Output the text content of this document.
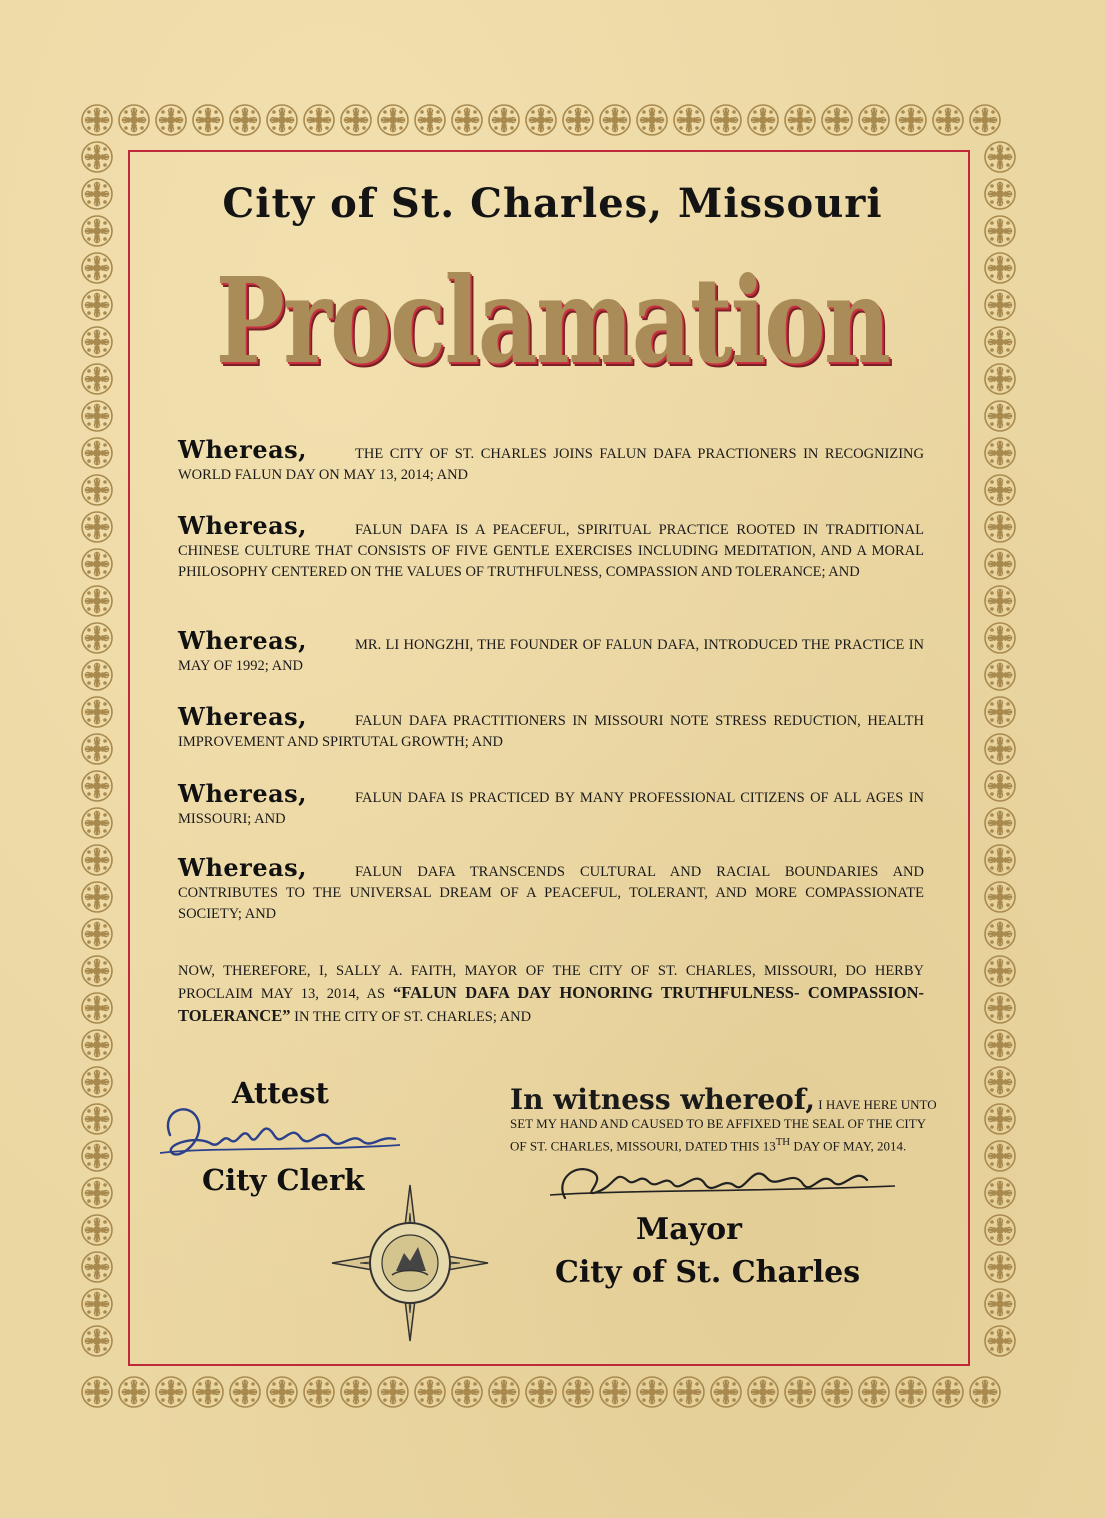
City of St. Charles, Missouri
Proclamation
Whereas,	THE CITY OF ST. CHARLES JOINS FALUN DAFA PRACTIONERS IN RECOGNIZING WORLD FALUN DAY ON MAY 13, 2014; AND
Whereas,	FALUN DAFA IS A PEACEFUL, SPIRITUAL PRACTICE ROOTED IN TRADITIONAL CHINESE CULTURE THAT CONSISTS OF FIVE GENTLE EXERCISES INCLUDING MEDITATION, AND A MORAL PHILOSOPHY CENTERED ON THE VALUES OF TRUTHFULNESS, COMPASSION AND TOLERANCE; AND
Whereas,	MR. LI HONGZHI, THE FOUNDER OF FALUN DAFA, INTRODUCED THE PRACTICE IN MAY OF 1992; AND
Whereas,	FALUN DAFA PRACTITIONERS IN MISSOURI NOTE STRESS REDUCTION, HEALTH IMPROVEMENT AND SPIRTUTAL GROWTH; AND
Whereas,	FALUN DAFA IS PRACTICED BY MANY PROFESSIONAL CITIZENS OF ALL AGES IN MISSOURI; AND
Whereas,	FALUN DAFA TRANSCENDS CULTURAL AND RACIAL BOUNDARIES AND CONTRIBUTES TO THE UNIVERSAL DREAM OF A PEACEFUL, TOLERANT, AND MORE COMPASSIONATE SOCIETY; AND
NOW, THEREFORE, I, SALLY A. FAITH, MAYOR OF THE CITY OF ST. CHARLES, MISSOURI, DO HERBY PROCLAIM MAY 13, 2014, AS “FALUN DAFA DAY HONORING TRUTHFULNESS- COMPASSION-TOLERANCE” IN THE CITY OF ST. CHARLES; AND
Attest
City Clerk
In witness whereof, I HAVE HERE UNTO SET MY HAND AND CAUSED TO BE AFFIXED THE SEAL OF THE CITY OF ST. CHARLES, MISSOURI, DATED THIS 13TH DAY OF MAY, 2014.
Mayor
City of St. Charles
